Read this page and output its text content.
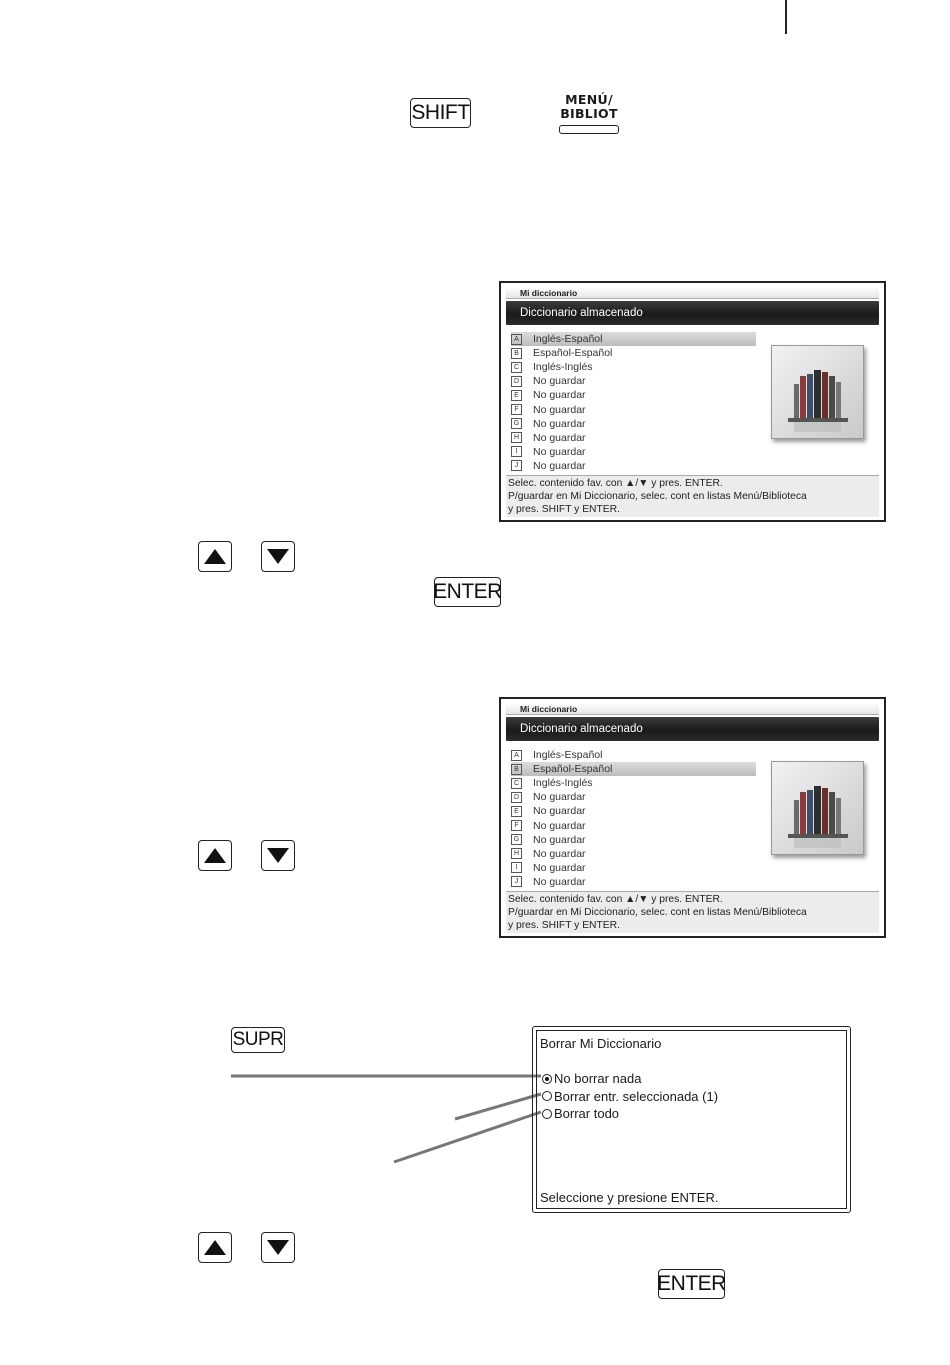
SHIFT
MENÚ/
BIBLIOT
Mi diccionario
Diccionario almacenado
A	Inglés-Español
B	Español-Español
C Inglés-Inglés
D No guardar
E	No guardar
F	No guardar
G No guardar
H No guardar
I	No guardar
J	No guardar
Selec. contenido fav. con ▲/▼ y pres. ENTER.
P/guardar en Mi Diccionario, selec. cont en listas Menú/Biblioteca
y pres. SHIFT y ENTER.
ENTER
Mi diccionario
Diccionario almacenado
A	Inglés-Español
B	Español-Español
C Inglés-Inglés
D No guardar
E	No guardar
F	No guardar
G No guardar
H No guardar
I	No guardar
J	No guardar
Selec. contenido fav. con ▲/▼ y pres. ENTER.
P/guardar en Mi Diccionario, selec. cont en listas Menú/Biblioteca
y pres. SHIFT y ENTER.
SUPR	Borrar Mi Diccionario
No borrar nada
Borrar entr. seleccionada (1)
Borrar todo
Seleccione y presione ENTER.
ENTER
